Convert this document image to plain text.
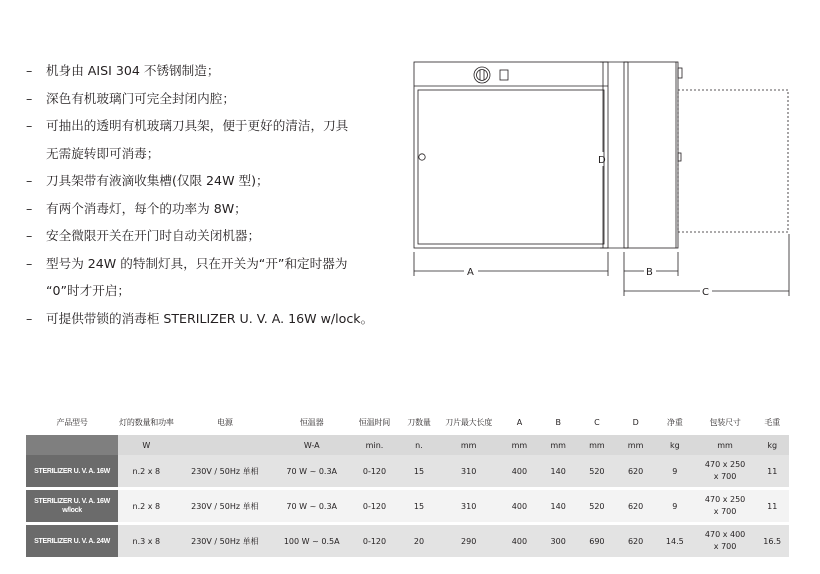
– 机身由 AISI 304 不锈钢制造；
– 深色有机玻璃门可完全封闭内腔；
– 可抽出的透明有机玻璃刀具架，便于更好的清洁，刀具
无需旋转即可消毒；
– 刀具架带有液滴收集槽(仅限 24W 型)；
– 有两个消毒灯，每个的功率为 8W；
– 安全微限开关在开门时自动关闭机器；
– 型号为 24W 的特制灯具，只在开关为“开”和定时器为
“0”时才开启；
– 可提供带锁的消毒柜 STERILIZER U. V. A. 16W w/lock。
A
D
B
C
产品型号	灯的数量和功率	电源	恒温器	恒温时间	刀数量	刀片最大长度	A	B	C	D	净重	包装尺寸	毛重
	W		W-A	min.	n.	mm	mm	mm	mm	mm	kg	mm	kg
STERILIZER U. V. A. 16W	n.2 x 8	230V / 50Hz 单相	70 W ~ 0.3A	0-120	15	310	400	140	520	620	9	470 x 250
x 700	11
STERILIZER U. V. A. 16W w/lock	n.2 x 8	230V / 50Hz 单相	70 W ~ 0.3A	0-120	15	310	400	140	520	620	9	470 x 250
x 700	11
STERILIZER U. V. A. 24W	n.3 x 8	230V / 50Hz 单相	100 W ~ 0.5A	0-120	20	290	400	300	690	620	14.5	470 x 400
x 700	16.5
